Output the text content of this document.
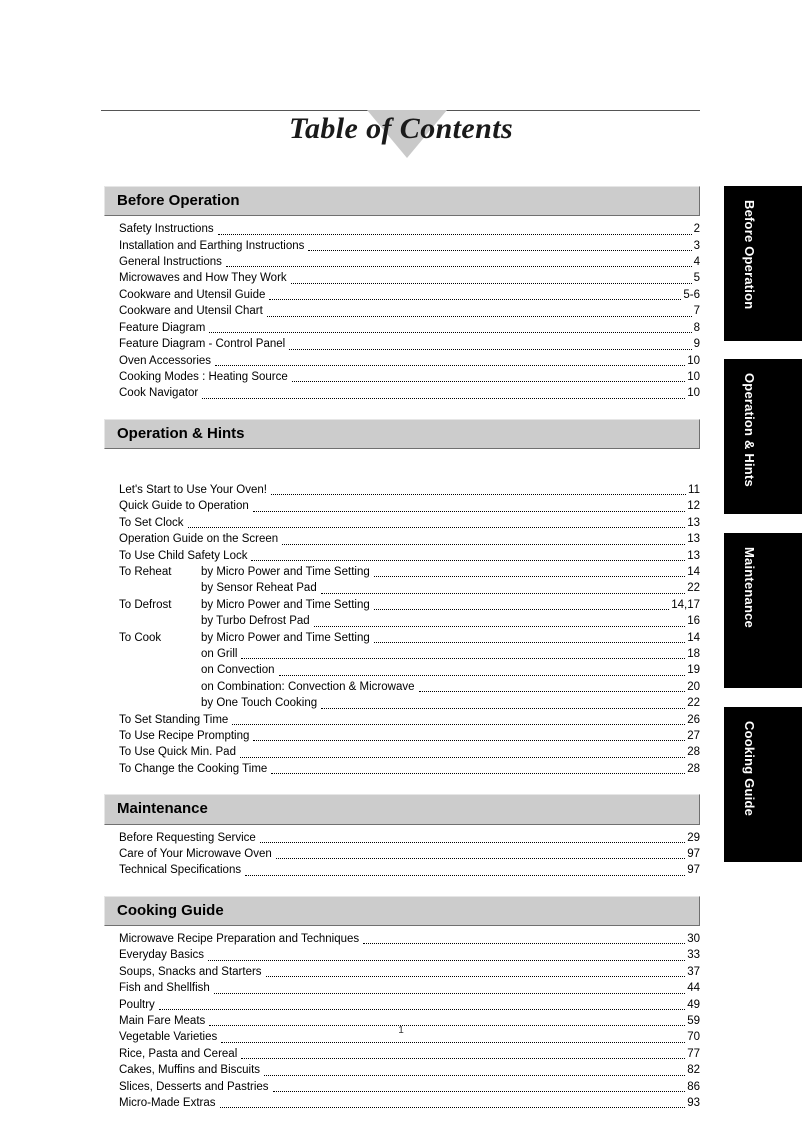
Table of Contents
Before Operation
Safety Instructions	2
Installation and Earthing Instructions	3
General Instructions	4
Microwaves and How They Work	5
Cookware and Utensil Guide	5-6
Cookware and Utensil Chart	7
Feature Diagram	8
Feature Diagram - Control Panel	9
Oven Accessories	10
Cooking Modes : Heating Source	10
Cook Navigator	10
Operation & Hints
Let's Start to Use Your Oven!	11
Quick Guide to Operation	12
To Set Clock	13
Operation Guide on the Screen	13
To Use Child Safety Lock	13
To Reheat	by Micro Power and Time Setting	14
by Sensor Reheat Pad	22
To Defrost	by Micro Power and Time Setting	14,17
by Turbo Defrost Pad	16
To Cook	by Micro Power and Time Setting	14
on Grill	18
on Convection	19
on Combination: Convection & Microwave	20
by One Touch Cooking	22
To Set Standing Time	26
To Use Recipe Prompting	27
To Use Quick Min. Pad	28
To Change the Cooking Time	28
Maintenance
Before Requesting Service	29
Care of Your Microwave Oven	97
Technical Specifications	97
Cooking Guide
Microwave Recipe Preparation and Techniques	30
Everyday Basics	33
Soups, Snacks and Starters	37
Fish and Shellfish	44
Poultry	49
Main Fare Meats	59
Vegetable Varieties	70
Rice, Pasta and Cereal	77
Cakes, Muffins and Biscuits	82
Slices, Desserts and Pastries	86
Micro-Made Extras	93
Before Operation
Operation & Hints
Maintenance
Cooking Guide
1
